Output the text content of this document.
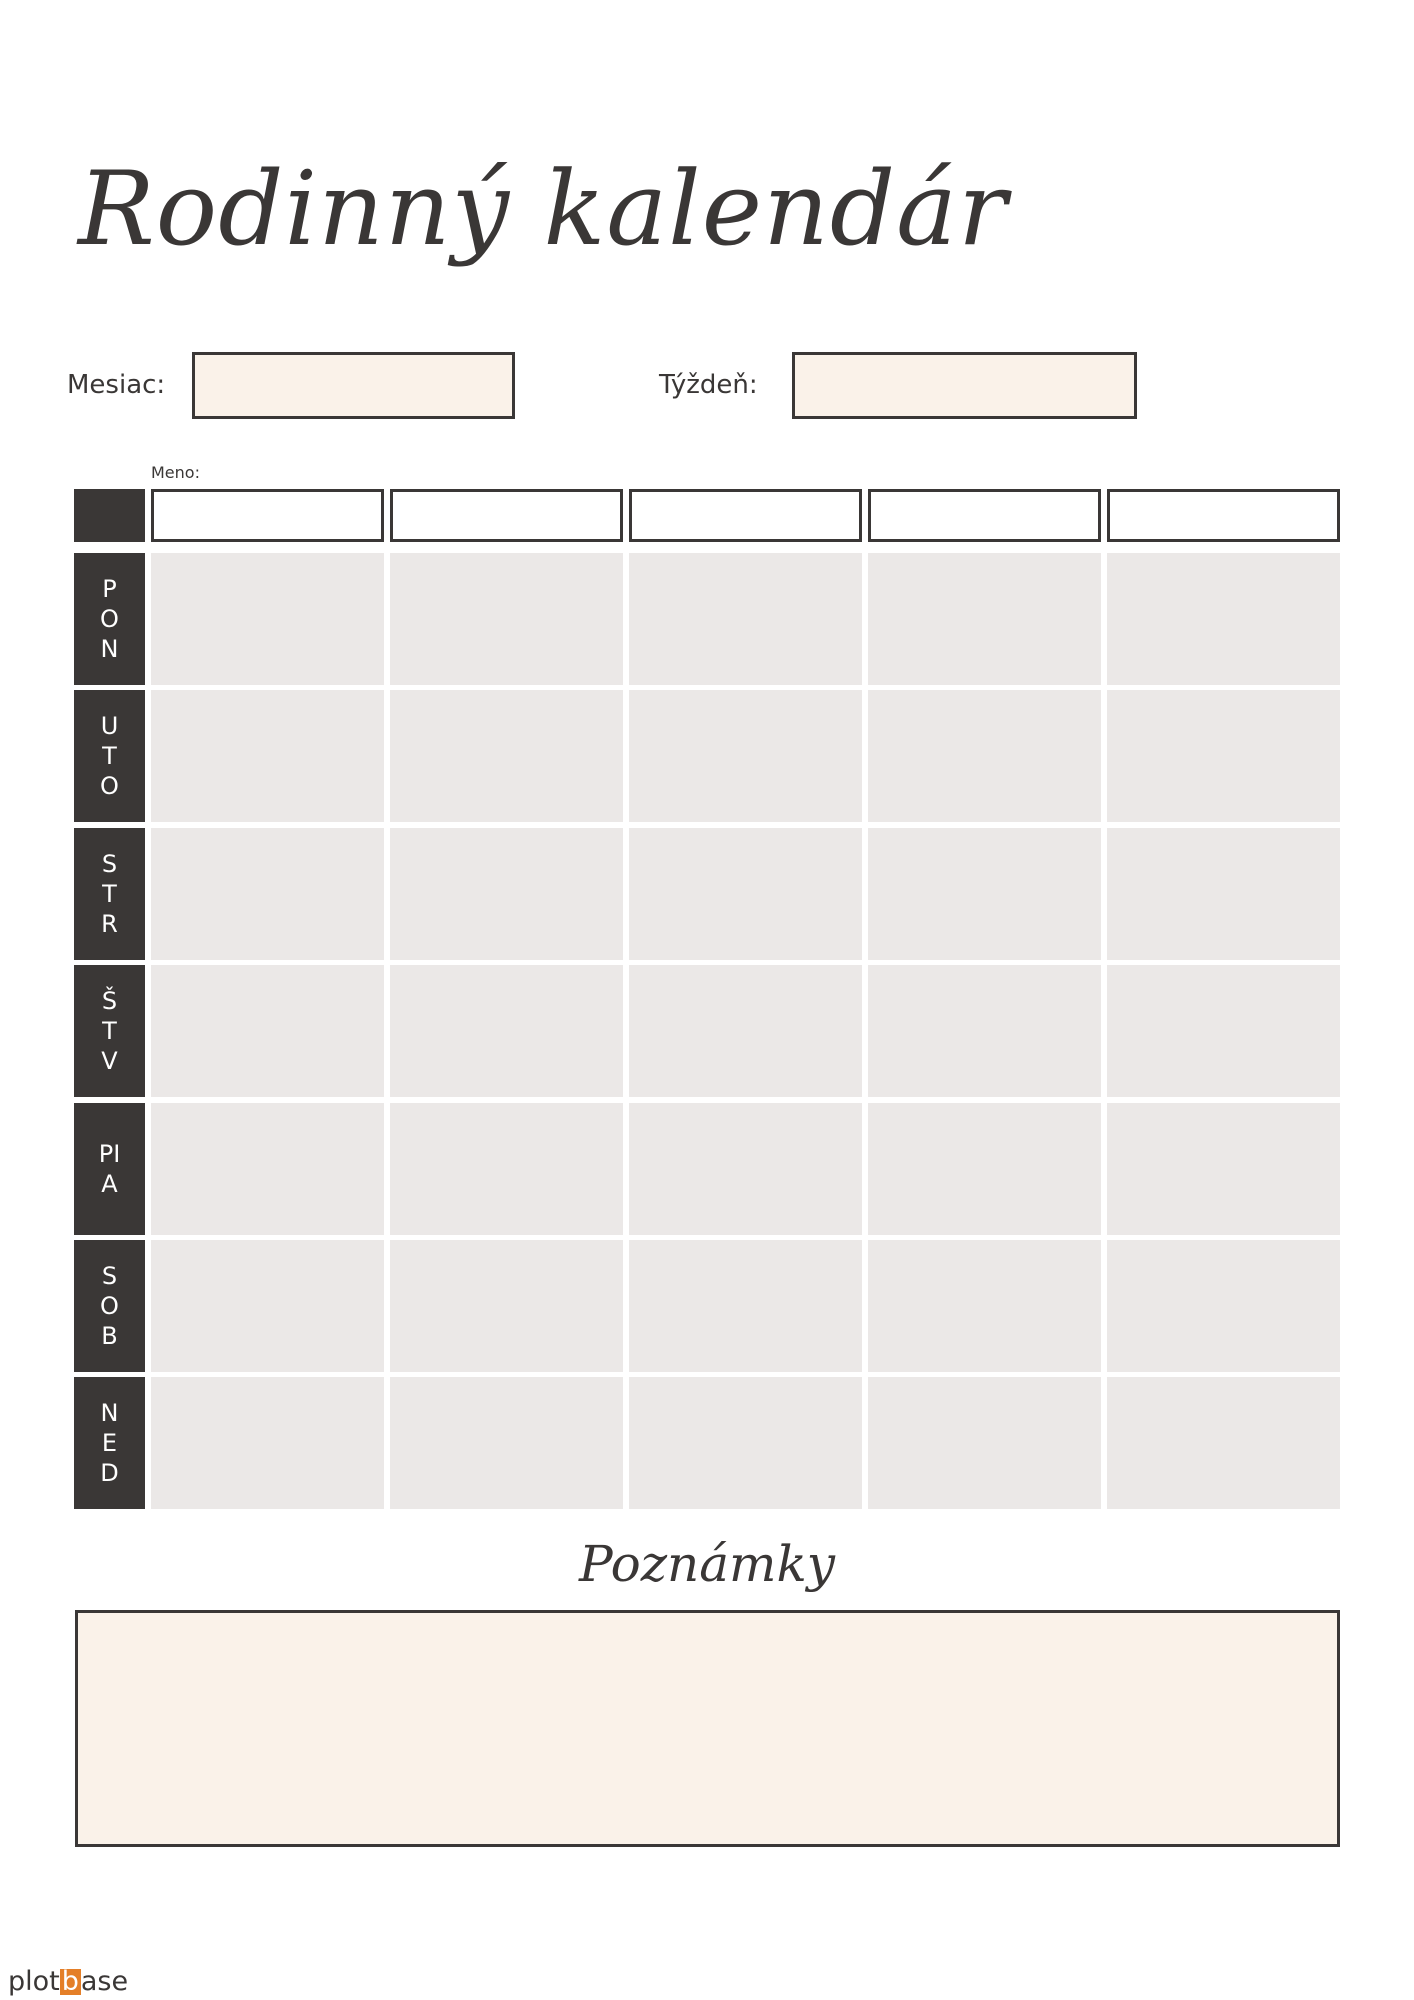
Rodinný kalendár
Mesiac:	Týždeň:
Meno:
PON
UTO
STR
ŠTV
PIA
SOB
NED
Poznámky
plotbase
